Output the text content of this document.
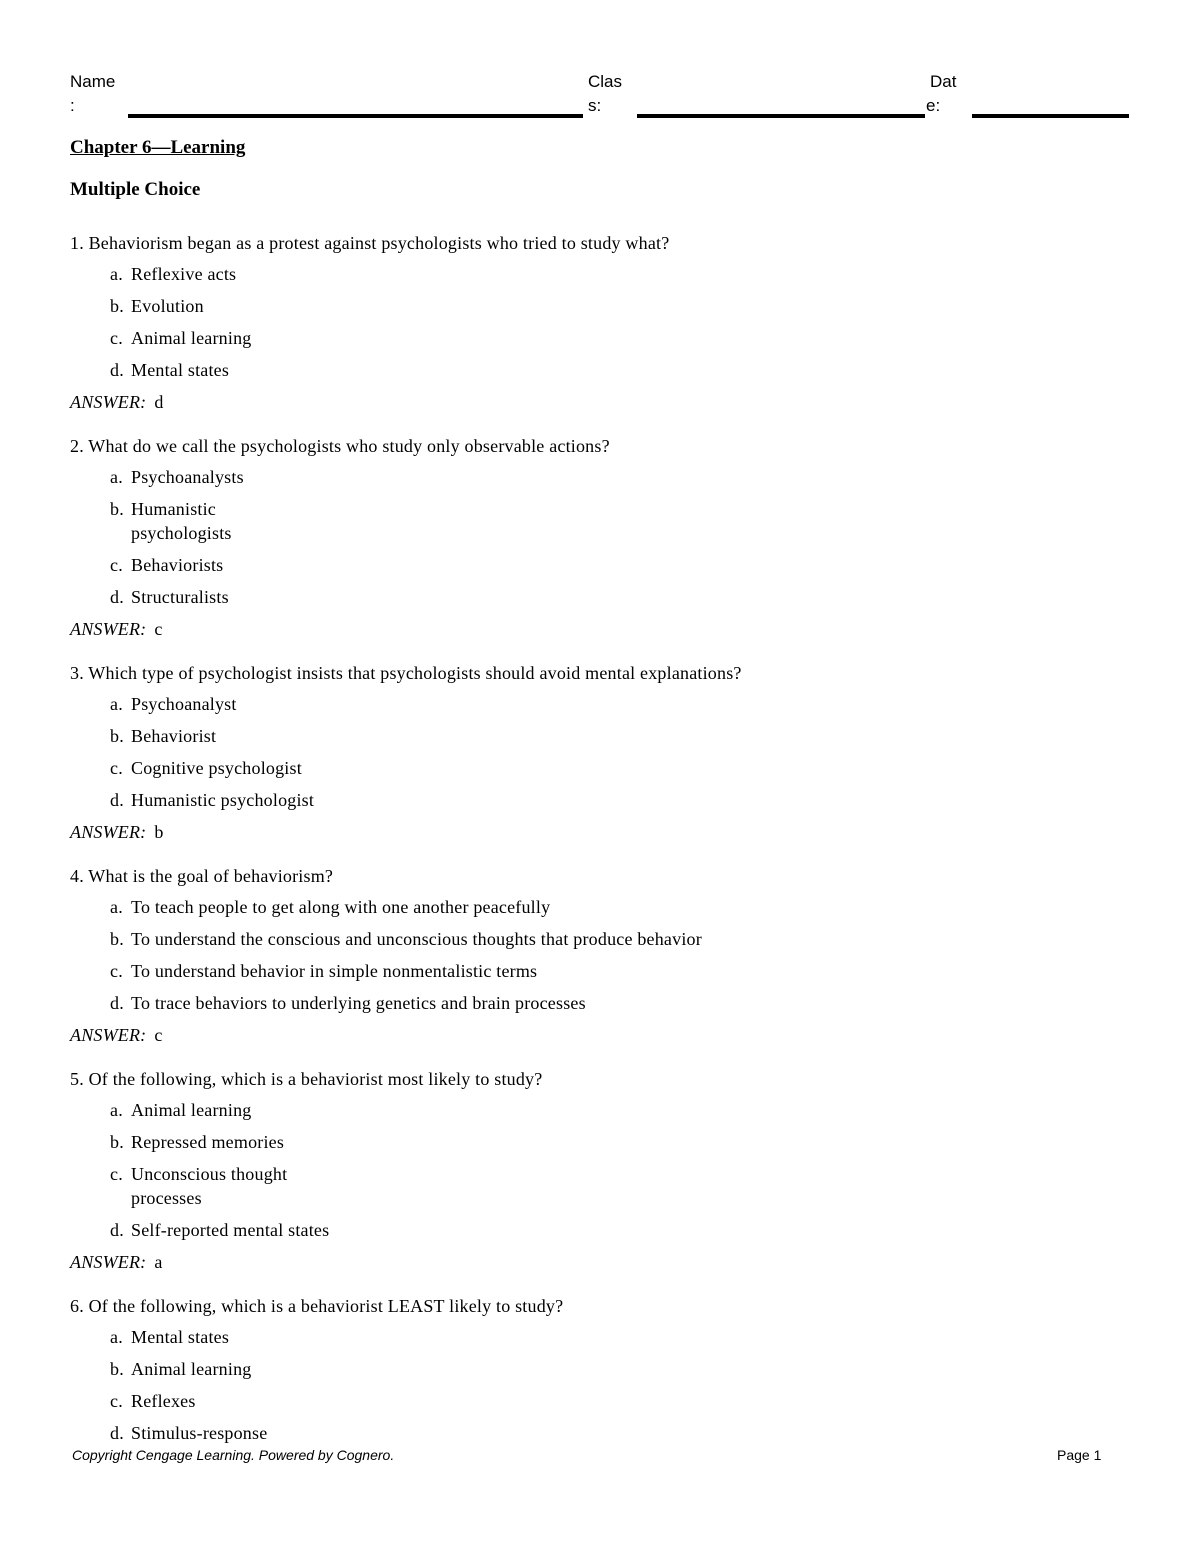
Name
:
Clas
s:
Dat
e:
Chapter 6—Learning
Multiple Choice
1. Behaviorism began as a protest against psychologists who tried to study what?
a. Reflexive acts
b. Evolution
c. Animal learning
d. Mental states
ANSWER: d
2. What do we call the psychologists who study only observable actions?
a. Psychoanalysts
b. Humanistic psychologists
c. Behaviorists
d. Structuralists
ANSWER: c
3. Which type of psychologist insists that psychologists should avoid mental explanations?
a. Psychoanalyst
b. Behaviorist
c. Cognitive psychologist
d. Humanistic psychologist
ANSWER: b
4. What is the goal of behaviorism?
a. To teach people to get along with one another peacefully
b. To understand the conscious and unconscious thoughts that produce behavior
c. To understand behavior in simple nonmentalistic terms
d. To trace behaviors to underlying genetics and brain processes
ANSWER: c
5. Of the following, which is a behaviorist most likely to study?
a. Animal learning
b. Repressed memories
c. Unconscious thought processes
d. Self-reported mental states
ANSWER: a
6. Of the following, which is a behaviorist LEAST likely to study?
a. Mental states
b. Animal learning
c. Reflexes
d. Stimulus-response
Copyright Cengage Learning. Powered by Cognero.	Page 1
